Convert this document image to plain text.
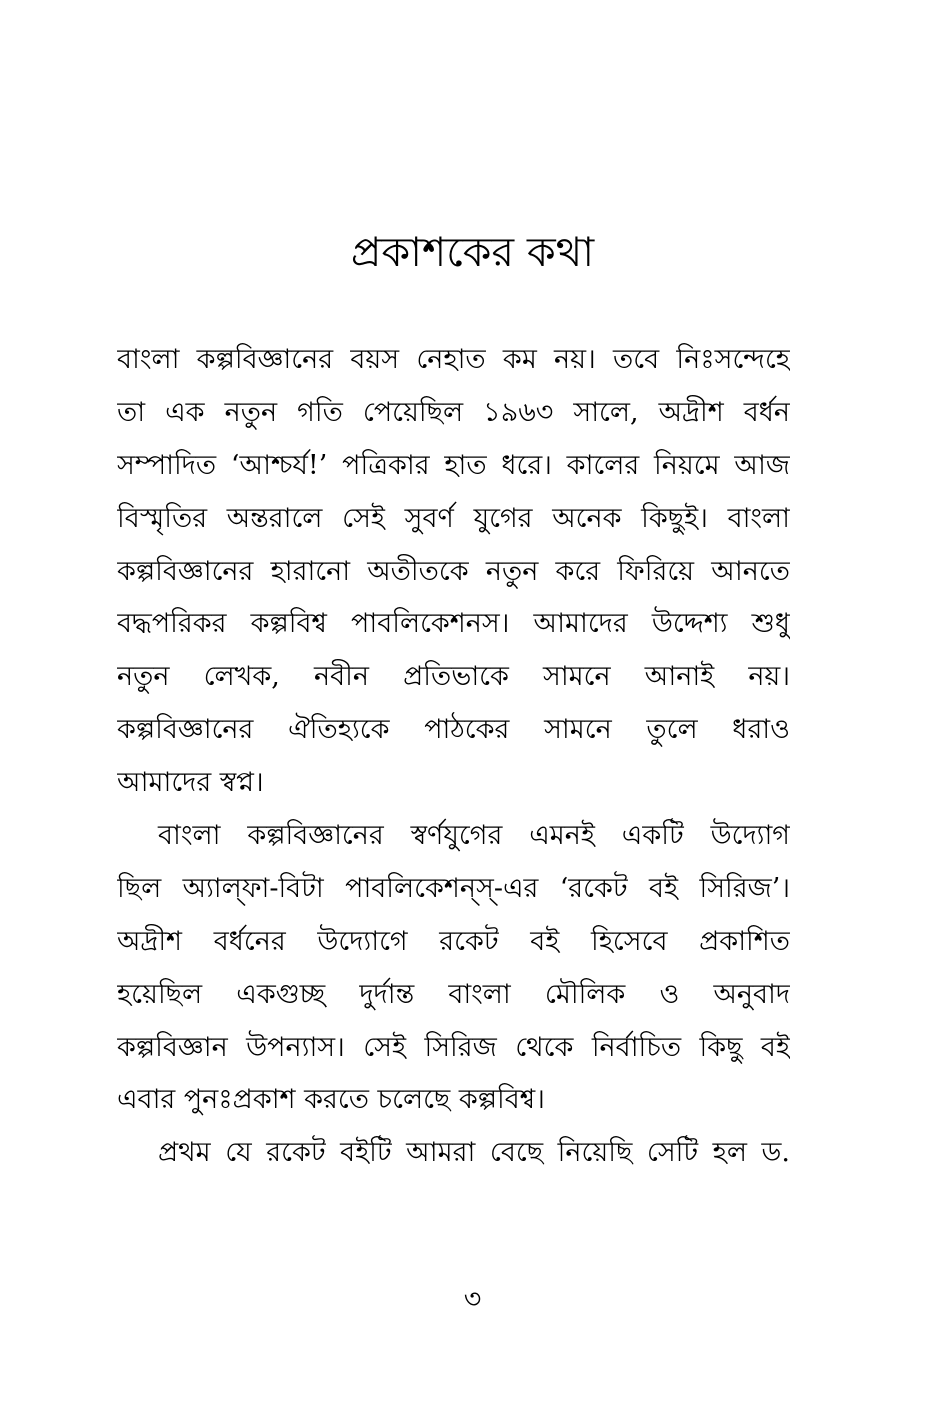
প্রকাশকের কথা
বাংলা কল্পবিজ্ঞানের বয়স নেহাত কম নয়। তবে নিঃসন্দেহে
তা এক নতুন গতি পেয়েছিল ১৯৬৩ সালে, অদ্রীশ বর্ধন
সম্পাদিত ‘আশ্চর্য!’ পত্রিকার হাত ধরে। কালের নিয়মে আজ
বিস্মৃতির অন্তরালে সেই সুবর্ণ যুগের অনেক কিছুই। বাংলা
কল্পবিজ্ঞানের হারানো অতীতকে নতুন করে ফিরিয়ে আনতে
বদ্ধপরিকর কল্পবিশ্ব পাবলিকেশনস। আমাদের উদ্দেশ্য শুধু
নতুন লেখক, নবীন প্রতিভাকে সামনে আনাই নয়।
কল্পবিজ্ঞানের ঐতিহ্যকে পাঠকের সামনে তুলে ধরাও
আমাদের স্বপ্ন।
বাংলা কল্পবিজ্ঞানের স্বর্ণযুগের এমনই একটি উদ্যোগ
ছিল অ্যাল্‌ফা-বিটা পাবলিকেশন্‌স্‌-এর ‘রকেট বই সিরিজ’।
অদ্রীশ বর্ধনের উদ্যোগে রকেট বই হিসেবে প্রকাশিত
হয়েছিল একগুচ্ছ দুর্দান্ত বাংলা মৌলিক ও অনুবাদ
কল্পবিজ্ঞান উপন্যাস। সেই সিরিজ থেকে নির্বাচিত কিছু বই
এবার পুনঃপ্রকাশ করতে চলেছে কল্পবিশ্ব।
প্রথম যে রকেট বইটি আমরা বেছে নিয়েছি সেটি হল ড.
৩
